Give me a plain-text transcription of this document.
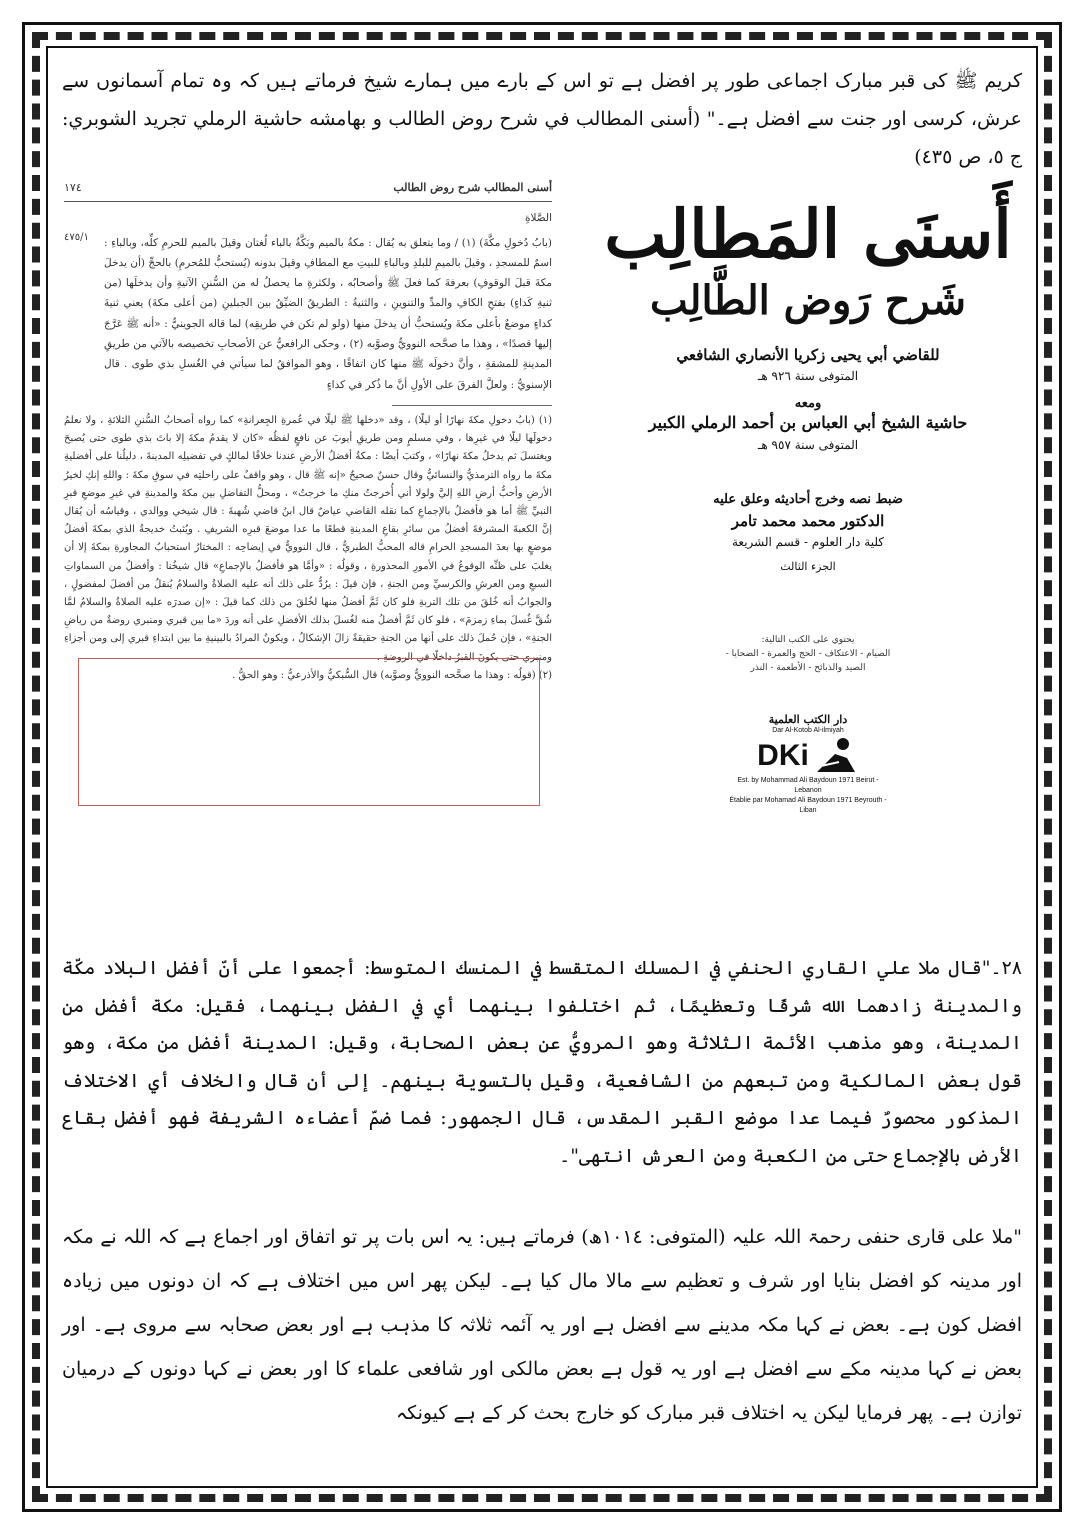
کریم ﷺ کی قبر مبارک اجماعی طور پر افضل ہے تو اس کے بارے میں ہمارے شیخ فرماتے ہیں کہ وہ تمام آسمانوں سے عرش، کرسی اور جنت سے افضل ہے۔" (أسنى المطالب في شرح روض الطالب و بهامشه حاشية الرملي تجريد الشوبري: ج ٥، ص ٤٣٥)
١٧٤	أسنى المطالب شرح روض الطالب
الصَّلاةِ
٤٧٥/١	(بابُ دُخولِ مكَّةَ) (١) / وما يتعلق به يُقال : مكةُ بالميم وبَكَّةُ بالباء لُغتان وقيلَ بالميم للحرمِ كلِّه، وبالباءِ : اسمٌ للمسجدِ ، وقيلَ بالميمِ للبلدِ وبالباءِ للبيتِ مع المطافِ وقيلَ بدونه (يُستحبُّ للمُحرمِ) بالحجِّ (أن يدخلَ مكةَ قبلَ الوقوفِ) بعرفةَ كما فعلَ ﷺ وأصحابُه ، ولكثرةِ ما يحصلُ له من السُّننِ الآتيةِ وأن يدخلَها (من ثنيةِ كَداءٍ) بفتحِ الكافِ والمدِّ والتنوينِ ، والثنيةُ : الطريقُ الضيِّقُ بين الجبلينِ (من أعلى مكةَ) يعني ثنيةَ كداءٍ موضعٌ بأعلى مكةَ ويُستحبُّ أن يدخلَ منها (ولو لم تكن في طريقِه) لما قاله الجوينيُّ : «أنه ﷺ عَرَّجَ إليها قصدًا» ، وهذا ما صحَّحه النوويُّ وصوَّبه (٢) ، وحكى الرافعيُّ عن الأصحابِ تخصيصه بالآتي من طريقِ المدينةِ للمشقةِ ، وأنَّ دخولَه ﷺ منها كان اتفاقًا ، وهو الموافقُ لما سيأتي في الغُسلِ بذي طوى . قال الإسنويُّ : ولعلَّ الفرقَ على الأولِ أنَّ ما ذُكر في كداءٍ
(١) (بابُ دخولِ مكةَ نهارًا أو ليلًا) ، وقد «دخلها ﷺ ليلًا في عُمرةِ الجِعرانةِ» كما رواه أصحابُ السُّننِ الثلاثةِ ، ولا نعلمُ دخولَها ليلًا في غيرِها ، وفي مسلمٍ ومن طريقِ أيوبَ عن نافعٍ لفظُه «كان لا يقدمُ مكةَ إلا باتَ بذي طوى حتى يُصبحَ ويغتسلَ ثم يدخلُ مكةَ نهارًا» ، وكتبَ أيضًا : مكةُ أفضلُ الأرضِ عندنا خلافًا لمالكٍ في تفضيلِه المدينةَ ، دليلُنا على أفضليةِ مكةَ ما رواه الترمذيُّ والنسائيُّ وقال حسنٌ صحيحٌ «إنه ﷺ قال ، وهو واقفٌ على راحلتِه في سوقِ مكةَ : واللهِ إنكِ لخيرُ الأرضِ وأحبُّ أرضِ اللهِ إليَّ ولولا أني أُخرجتُ منكِ ما خرجتُ» ، ومحلُّ التفاضلِ بين مكةَ والمدينةِ في غيرِ موضعِ قبرِ النبيِّ ﷺ أما هو فأفضلُ بالإجماعِ كما نقله القاضي عياضٌ قال ابنُ قاضي شُهبةَ : قال شيخي ووالدي ، وقياسُه أن يُقال إنَّ الكعبةَ المشرفةَ أفضلُ من سائرِ بقاعِ المدينةِ قطعًا ما عدا موضعَ قبرِه الشريفِ . ويُثبتُ خديجةُ الذي بمكةَ أفضلُ موضعٍ بها بعدَ المسجدِ الحرامِ قاله المحبُّ الطبريُّ ، قال النوويُّ في إيضاحِه : المختارُ استحبابُ المجاورةِ بمكةَ إلا أن يغلبَ على ظنِّه الوقوعُ في الأمورِ المحذورةِ ، وقولُه : «وأمَّا هو فأفضلُ بالإجماعِ» قال شيخُنا : وأفضلُ من السماواتِ السبعِ ومن العرشِ والكرسيِّ ومن الجنةِ ، فإن قيلَ : يرُدُّ على ذلك أنه عليه الصلاةُ والسلامُ يُنقلُ من أفضلَ لمفضولٍ ، والجوابُ أنه خُلقَ من تلك التربةِ فلو كان ثَمَّ أفضلُ منها لخُلقَ من ذلك كما قيلَ : «إن صدرَه عليه الصلاةُ والسلامُ لمَّا شُقَّ غُسلَ بماءِ زمزمَ» ، فلو كان ثَمَّ أفضلُ منه لغُسلَ بذلك الأفضلِ على أنه وردَ «ما بين قبري ومنبري روضةٌ من رياضِ الجنةِ» ، فإن حُملَ ذلك على أنها من الجنةِ حقيقةً زالَ الإشكالُ ، ويكونُ المرادُ بالبينيةِ ما بين ابتداءِ قبري إلى ومن أجزاءِ ومنبري حتى يكونَ القبرُ داخلًا في الروضةِ .
(٢) (قولُه : وهذا ما صحَّحه النوويُّ وصوَّبه) قال السُّبكيُّ والأذرعيُّ : وهو الحقُّ .
أَسنَى المَطالِب
شَرح رَوض الطَّالِب
للقاضي أبي يحيى زكريا الأنصاري الشافعي
المتوفى سنة ٩٢٦ هـ
ومعه
حاشية الشيخ أبي العباس بن أحمد الرملي الكبير
المتوفى سنة ٩٥٧ هـ
ضبط نصه وخرج أحاديثه وعلق عليه
الدكتور محمد محمد تامر
كلية دار العلوم - قسم الشريعة
الجزء الثالث
يحتوي على الكتب التالية:
الصيام - الاعتكاف - الحج والعمرة - الضحايا -
الصيد والذبائح - الأطعمة - النذر
دار الكتب العلمية
Dar Al-Kotob Al-ilmiyah
DKi
Est. by Mohammad Ali Baydoun 1971 Beirut - Lebanon
Établie par Mohamad Ali Baydoun 1971 Beyrouth - Liban
٢٨۔"قال ملا علي القاري الحنفي في المسلك المتقسط في المنسك المتوسط: أجمعوا على أنّ أفضل البلاد مكّة والمدينة زادهما الله شرفًا وتعظيمًا، ثم اختلفوا بينهما أي في الفضل بينهما، فقيل: مكة أفضل من المدينة، وهو مذهب الأئمة الثلاثة وهو المرويُّ عن بعض الصحابة، وقيل: المدينة أفضل من مكة، وهو قول بعض المالكية ومن تبعهم من الشافعية، وقيل بالتسوية بينهم۔ إلى أن قال والخلاف أي الاختلاف المذكور محصورٌ فيما عدا موضع القبر المقدس، قال الجمهور: فما ضمّ أعضاءه الشريفة فهو أفضل بقاع الأرض بالإجماع حتى من الكعبة ومن العرش انتهى"۔
"ملا علی قاری حنفی رحمۃ اللہ علیہ (المتوفی: ١٠١٤ھ) فرماتے ہیں: یہ اس بات پر تو اتفاق اور اجماع ہے کہ اللہ نے مکہ اور مدینہ کو افضل بنایا اور شرف و تعظیم سے مالا مال کیا ہے۔ لیکن پھر اس میں اختلاف ہے کہ ان دونوں میں زیادہ افضل کون ہے۔ بعض نے کہا مکہ مدینے سے افضل ہے اور یہ آئمہ ثلاثہ کا مذہب ہے اور بعض صحابہ سے مروی ہے۔ اور بعض نے کہا مدینہ مکے سے افضل ہے اور یہ قول ہے بعض مالکی اور شافعی علماء کا اور بعض نے کہا دونوں کے درمیان توازن ہے۔ پھر فرمایا لیکن یہ اختلاف قبر مبارک کو خارج بحث کر کے ہے کیونکہ
